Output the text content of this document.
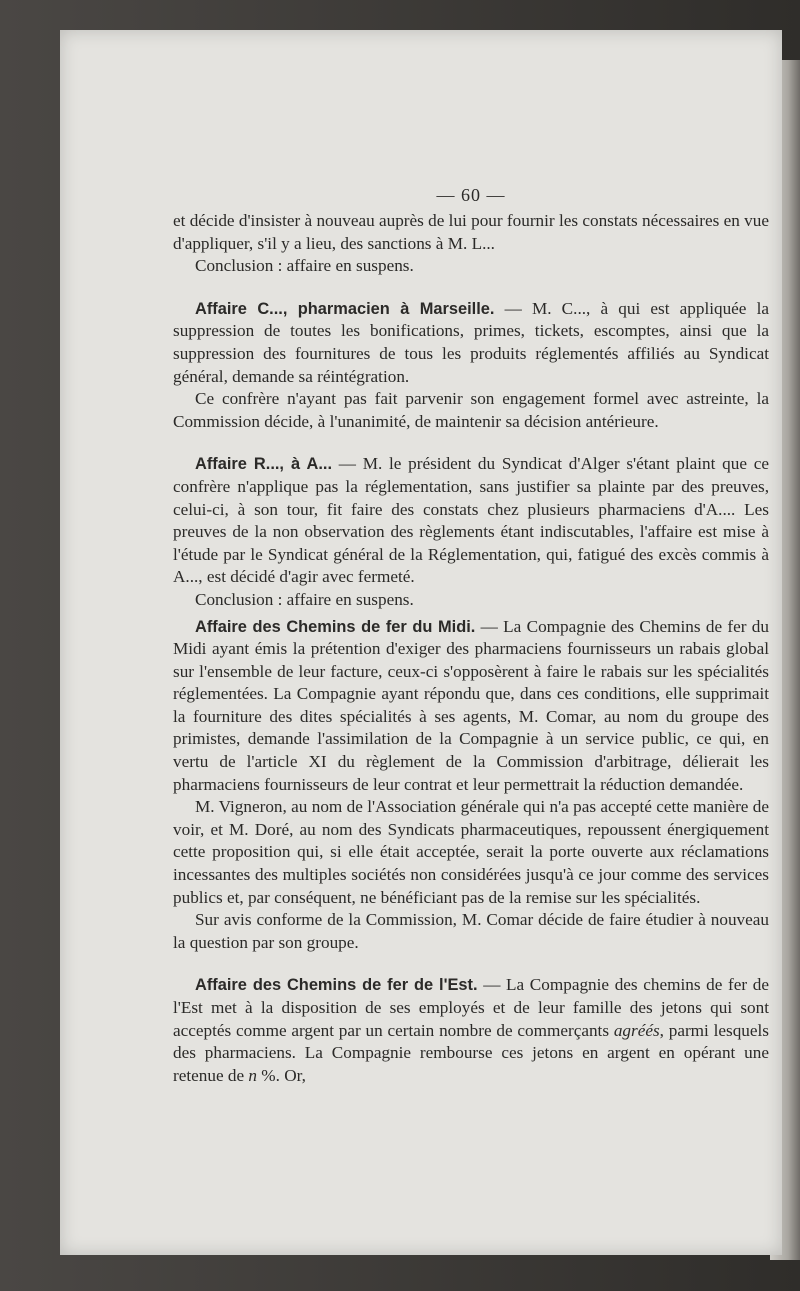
— 60 —

et décide d'insister à nouveau auprès de lui pour fournir les constats nécessaires en vue d'appliquer, s'il y a lieu, des sanctions à M. L...

Conclusion : affaire en suspens.

Affaire C..., pharmacien à Marseille. — M. C..., à qui est appliquée la suppression de toutes les bonifications, primes, tickets, escomptes, ainsi que la suppression des fournitures de tous les produits réglementés affiliés au Syndicat général, demande sa réintégration.

Ce confrère n'ayant pas fait parvenir son engagement formel avec astreinte, la Commission décide, à l'unanimité, de maintenir sa décision antérieure.

Affaire R..., à A... — M. le président du Syndicat d'Alger s'étant plaint que ce confrère n'applique pas la réglementation, sans justifier sa plainte par des preuves, celui-ci, à son tour, fit faire des constats chez plusieurs pharmaciens d'A.... Les preuves de la non observation des règlements étant indiscutables, l'affaire est mise à l'étude par le Syndicat général de la Réglementation, qui, fatigué des excès commis à A..., est décidé d'agir avec fermeté.

Conclusion : affaire en suspens.

Affaire des Chemins de fer du Midi. — La Compagnie des Chemins de fer du Midi ayant émis la prétention d'exiger des pharmaciens fournisseurs un rabais global sur l'ensemble de leur facture, ceux-ci s'opposèrent à faire le rabais sur les spécialités réglementées. La Compagnie ayant répondu que, dans ces conditions, elle supprimait la fourniture des dites spécialités à ses agents, M. Comar, au nom du groupe des primistes, demande l'assimilation de la Compagnie à un service public, ce qui, en vertu de l'article XI du règlement de la Commission d'arbitrage, délierait les pharmaciens fournisseurs de leur contrat et leur permettrait la réduction demandée.

M. Vigneron, au nom de l'Association générale qui n'a pas accepté cette manière de voir, et M. Doré, au nom des Syndicats pharmaceutiques, repoussent énergiquement cette proposition qui, si elle était acceptée, serait la porte ouverte aux réclamations incessantes des multiples sociétés non considérées jusqu'à ce jour comme des services publics et, par conséquent, ne bénéficiant pas de la remise sur les spécialités.

Sur avis conforme de la Commission, M. Comar décide de faire étudier à nouveau la question par son groupe.

Affaire des Chemins de fer de l'Est. — La Compagnie des chemins de fer de l'Est met à la disposition de ses employés et de leur famille des jetons qui sont acceptés comme argent par un certain nombre de commerçants agréés, parmi lesquels des pharmaciens. La Compagnie rembourse ces jetons en argent en opérant une retenue de n %. Or,
